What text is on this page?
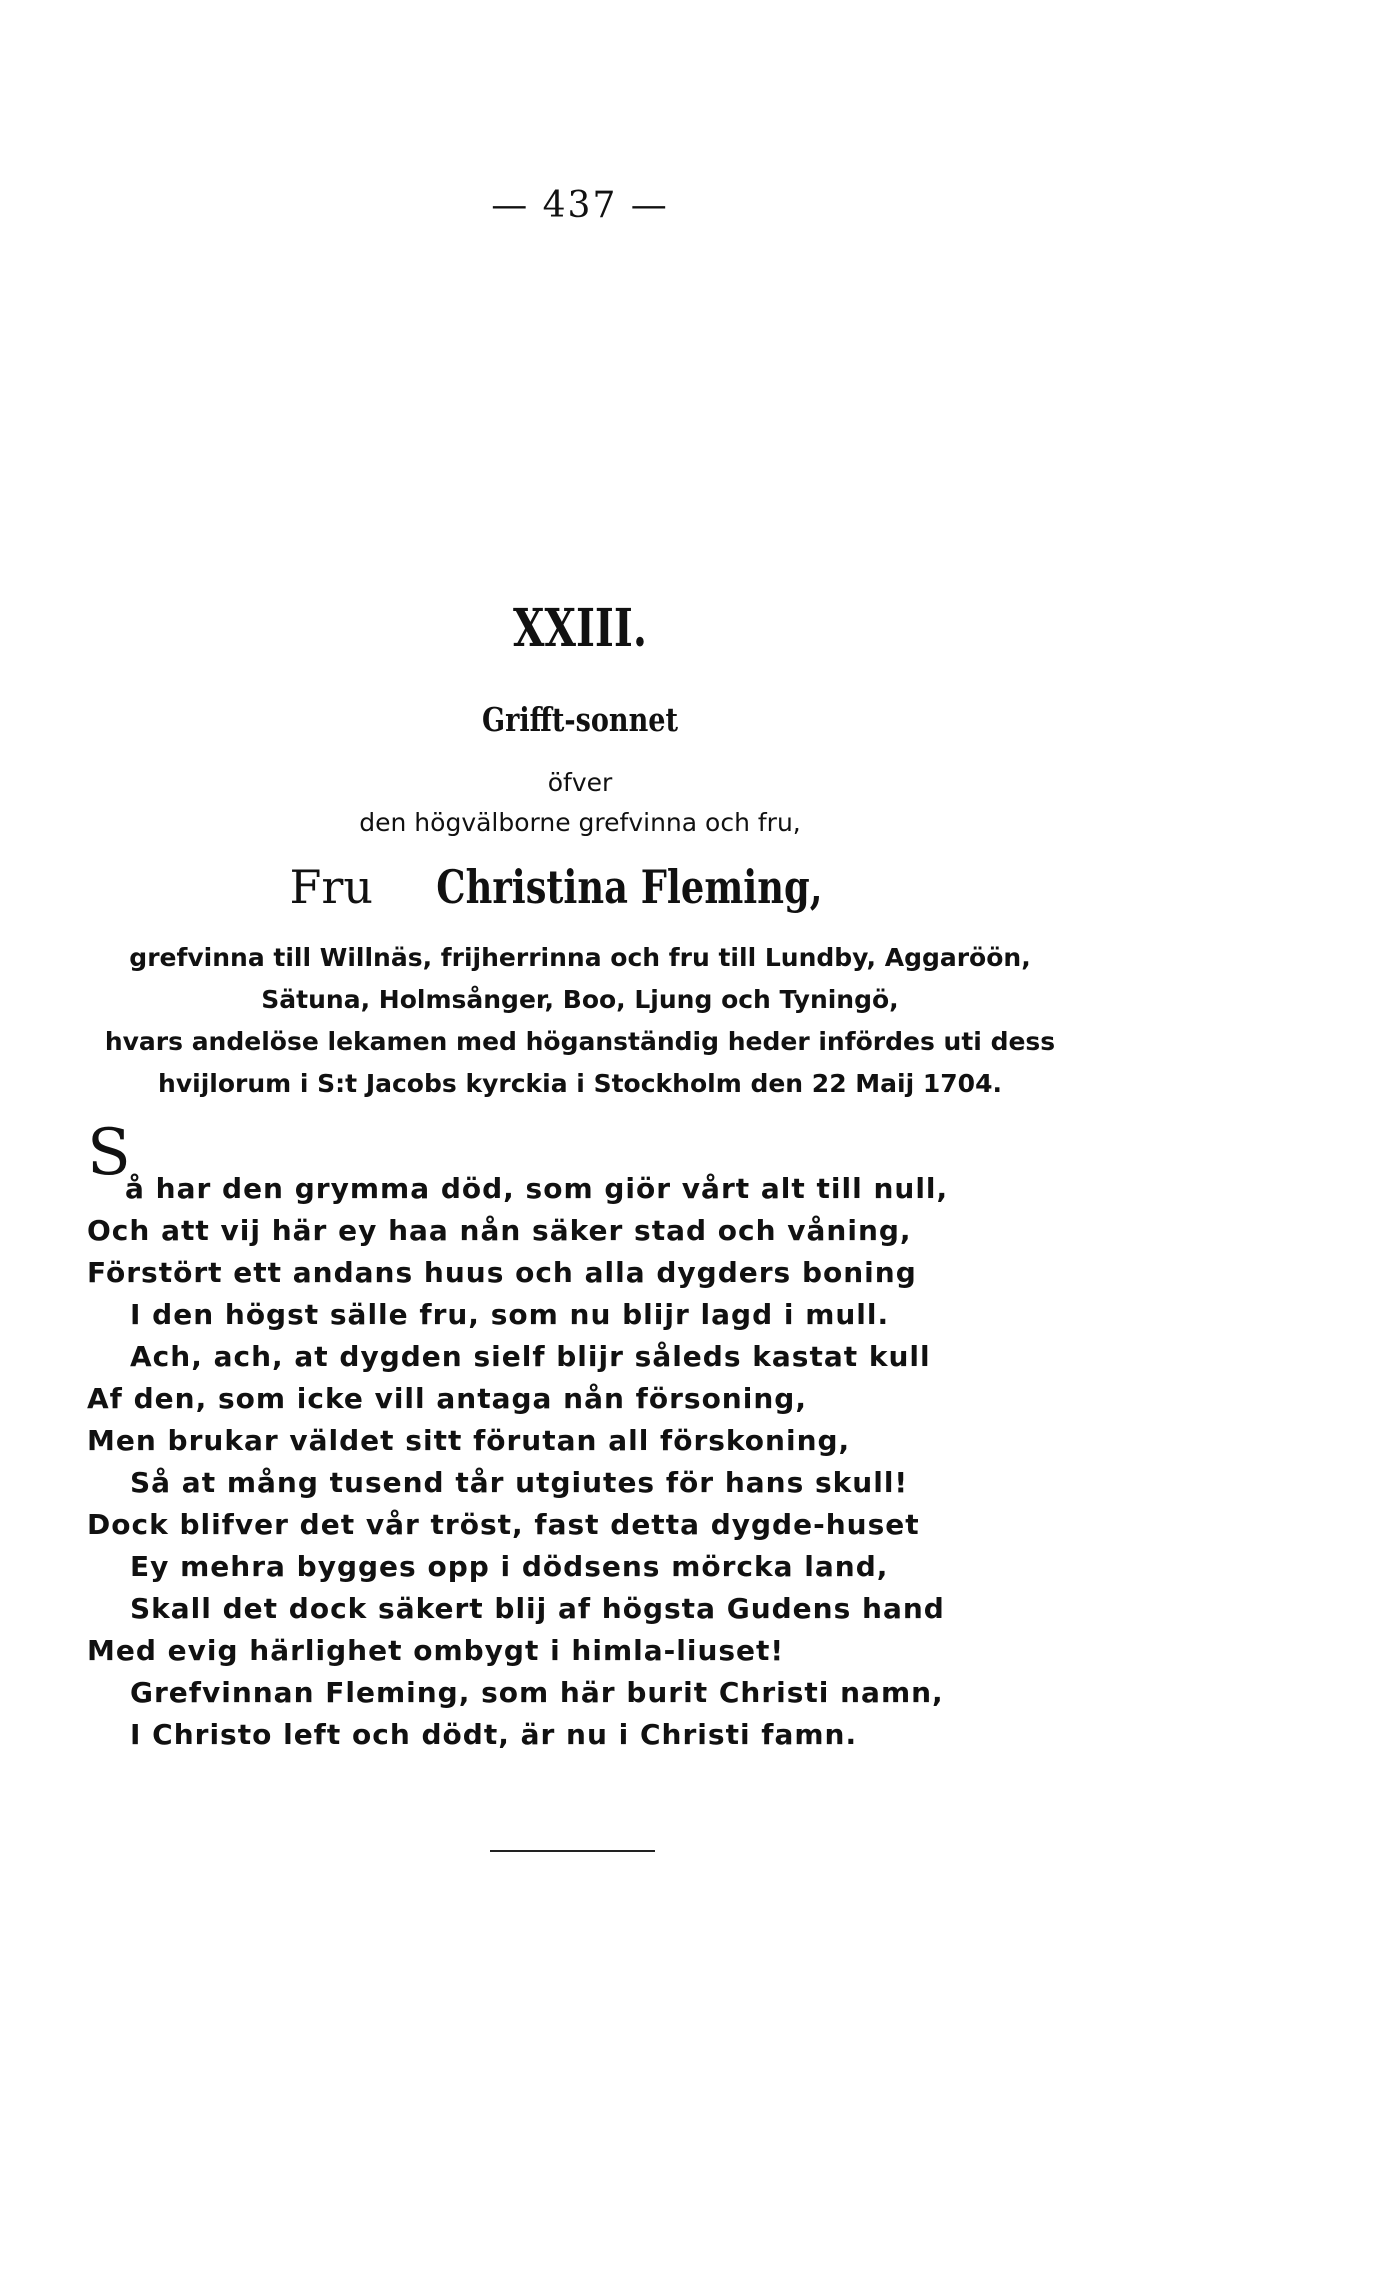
— 437 —
XXIII.
Grifft-sonnet
öfver
den högvälborne grefvinna och fru,
Fru Christina Fleming,
grefvinna till Willnäs, frijherrinna och fru till Lundby, Aggaröön,
Sätuna, Holmsånger, Boo, Ljung och Tyningö,
hvars andelöse lekamen med höganständig heder infördes uti dess
hvijlorum i S:t Jacobs kyrckia i Stockholm den 22 Maij 1704.
S
å har den grymma död, som giör vårt alt till null,
Och att vij här ey haa nån säker stad och våning,
Förstört ett andans huus och alla dygders boning
I den högst sälle fru, som nu blijr lagd i mull.
Ach, ach, at dygden sielf blijr såleds kastat kull
Af den, som icke vill antaga nån försoning,
Men brukar väldet sitt förutan all förskoning,
Så at mång tusend tår utgiutes för hans skull!
Dock blifver det vår tröst, fast detta dygde-huset
Ey mehra bygges opp i dödsens mörcka land,
Skall det dock säkert blij af högsta Gudens hand
Med evig härlighet ombygt i himla-liuset!
Grefvinnan Fleming, som här burit Christi namn,
I Christo left och dödt, är nu i Christi famn.
